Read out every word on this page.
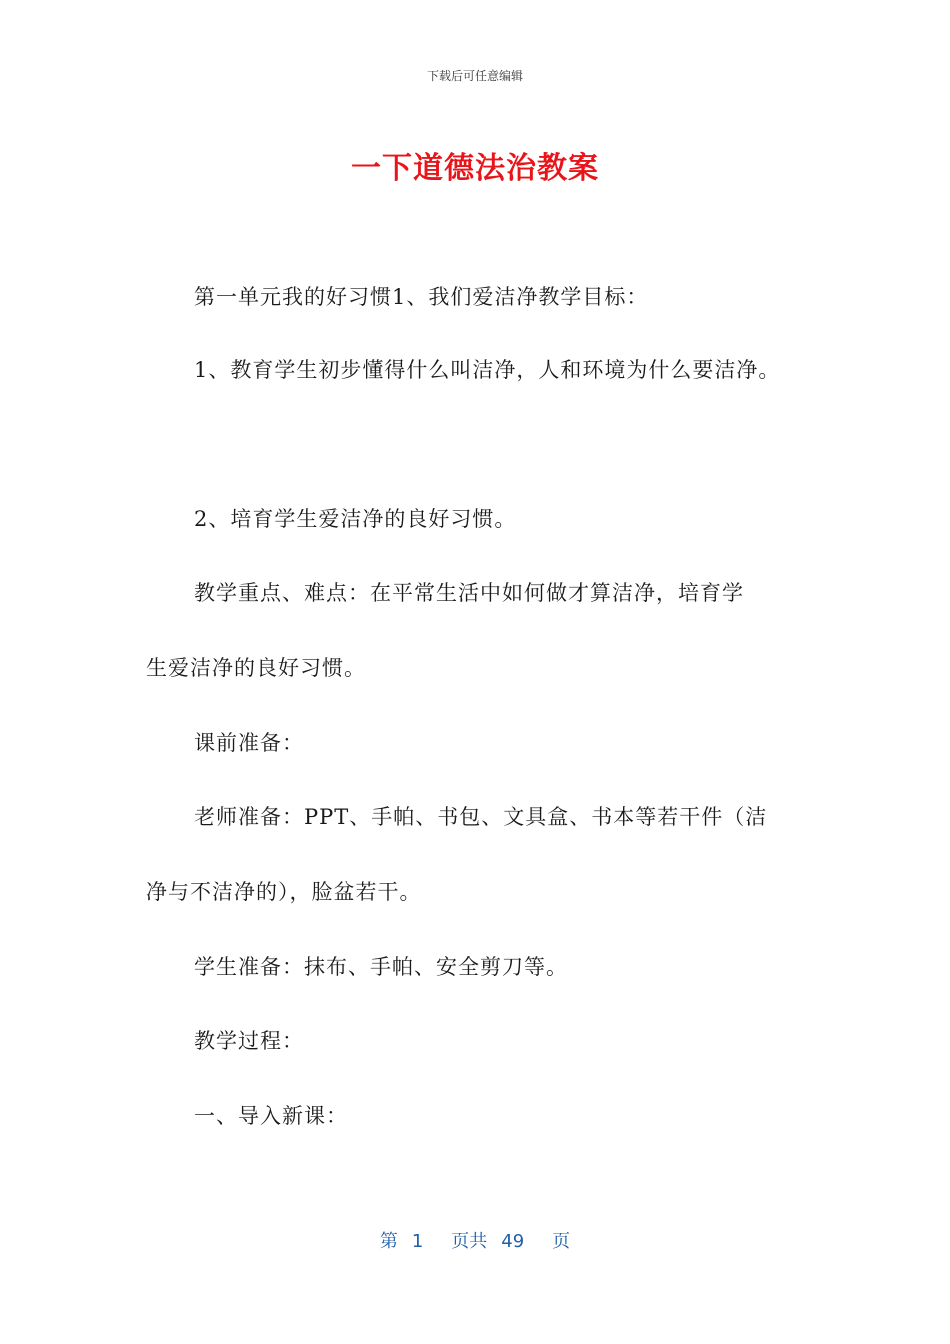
下载后可任意编辑
一下道德法治教案
第一单元我的好习惯1、我们爱洁净教学目标：
1、教育学生初步懂得什么叫洁净，人和环境为什么要洁净。
2、培育学生爱洁净的良好习惯。
教学重点、难点：在平常生活中如何做才算洁净，培育学
生爱洁净的良好习惯。
课前准备：
老师准备：PPT、手帕、书包、文具盒、书本等若干件（洁
净与不洁净的），脸盆若干。
学生准备：抹布、手帕、安全剪刀等。
教学过程：
一、导入新课：
第 1 页共 49 页
